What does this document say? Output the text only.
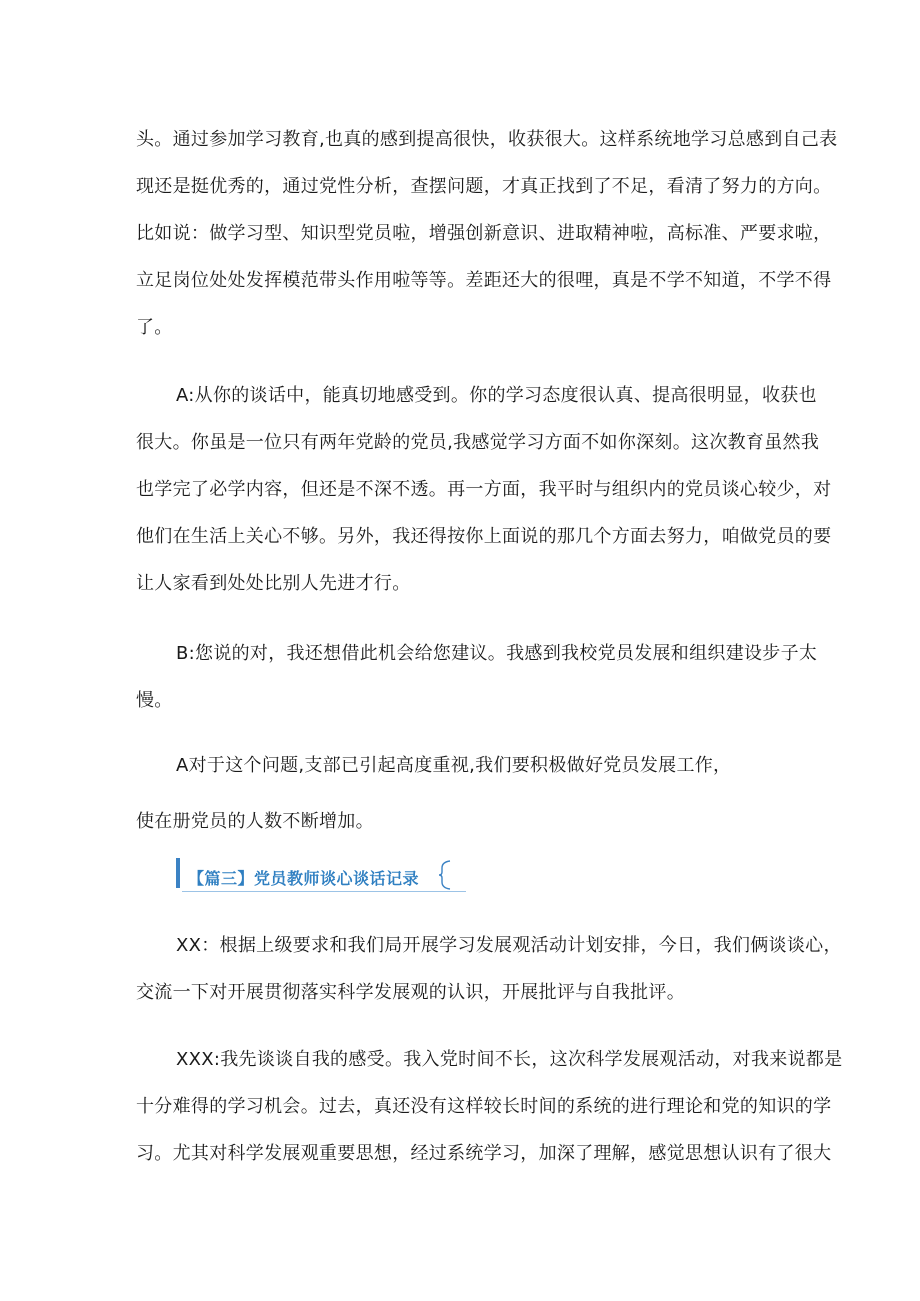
头。通过参加学习教育,也真的感到提高很快，收获很大。这样系统地学习总感到自己表
现还是挺优秀的，通过党性分析，查摆问题，才真正找到了不足，看清了努力的方向。
比如说：做学习型、知识型党员啦，增强创新意识、进取精神啦，高标准、严要求啦，
立足岗位处处发挥模范带头作用啦等等。差距还大的很哩，真是不学不知道，不学不得
了。
A:从你的谈话中，能真切地感受到。你的学习态度很认真、提高很明显，收获也
很大。你虽是一位只有两年党龄的党员,我感觉学习方面不如你深刻。这次教育虽然我
也学完了必学内容，但还是不深不透。再一方面，我平时与组织内的党员谈心较少，对
他们在生活上关心不够。另外，我还得按你上面说的那几个方面去努力，咱做党员的要
让人家看到处处比别人先进才行。
B:您说的对，我还想借此机会给您建议。我感到我校党员发展和组织建设步子太
慢。
A对于这个问题,支部已引起高度重视,我们要积极做好党员发展工作，
使在册党员的人数不断增加。
【篇三】党员教师谈心谈话记录
XX：根据上级要求和我们局开展学习发展观活动计划安排，今日，我们俩谈谈心，
交流一下对开展贯彻落实科学发展观的认识，开展批评与自我批评。
XXX:我先谈谈自我的感受。我入党时间不长，这次科学发展观活动，对我来说都是
十分难得的学习机会。过去，真还没有这样较长时间的系统的进行理论和党的知识的学
习。尤其对科学发展观重要思想，经过系统学习，加深了理解，感觉思想认识有了很大
